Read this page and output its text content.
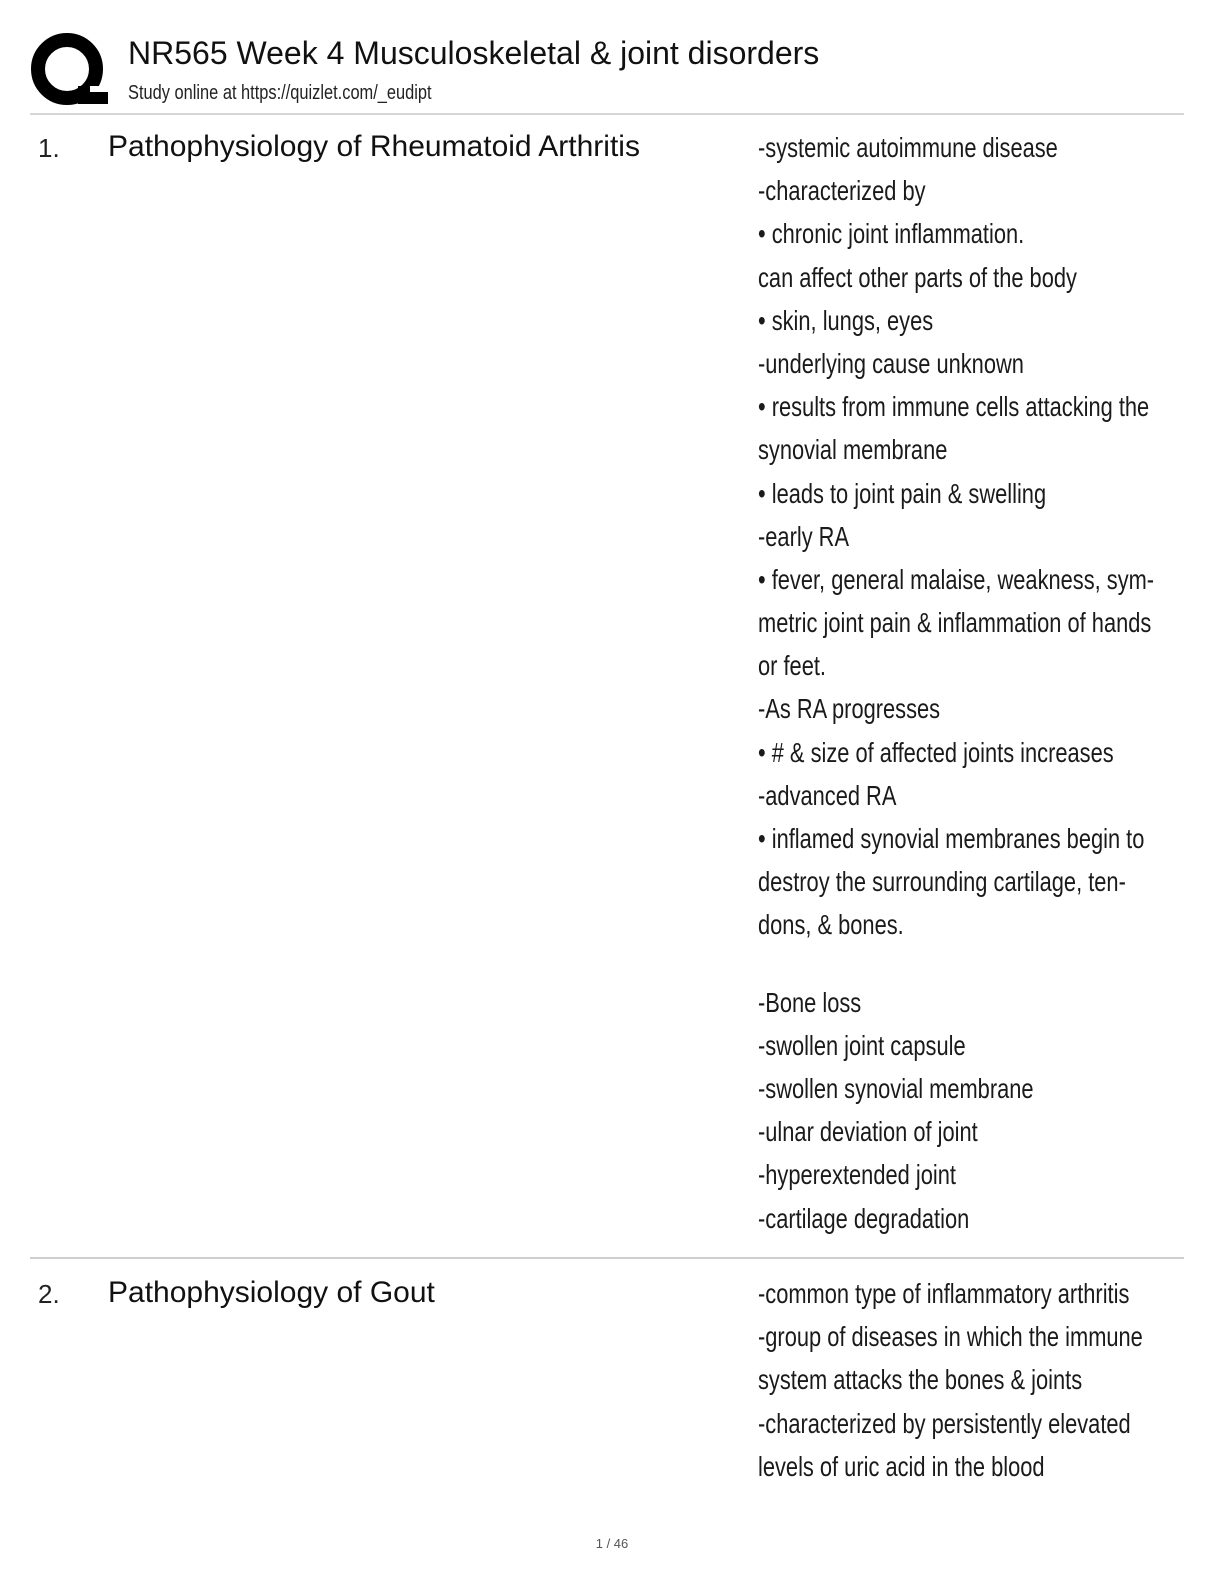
NR565 Week 4 Musculoskeletal & joint disorders
Study online at https://quizlet.com/_eudipt
1. Pathophysiology of Rheumatoid Arthritis	-systemic autoimmune disease
-characterized by
• chronic joint inflammation.
can affect other parts of the body
• skin, lungs, eyes
-underlying cause unknown
• results from immune cells attacking the
synovial membrane
• leads to joint pain & swelling
-early RA
• fever, general malaise, weakness, sym-
metric joint pain & inflammation of hands
or feet.
-As RA progresses
• # & size of affected joints increases
-advanced RA
• inflamed synovial membranes begin to
destroy the surrounding cartilage, ten-
dons, & bones.
-Bone loss
-swollen joint capsule
-swollen synovial membrane
-ulnar deviation of joint
-hyperextended joint
-cartilage degradation
2. Pathophysiology of Gout	-common type of inflammatory arthritis
-group of diseases in which the immune
system attacks the bones & joints
-characterized by persistently elevated
levels of uric acid in the blood
1 / 46
